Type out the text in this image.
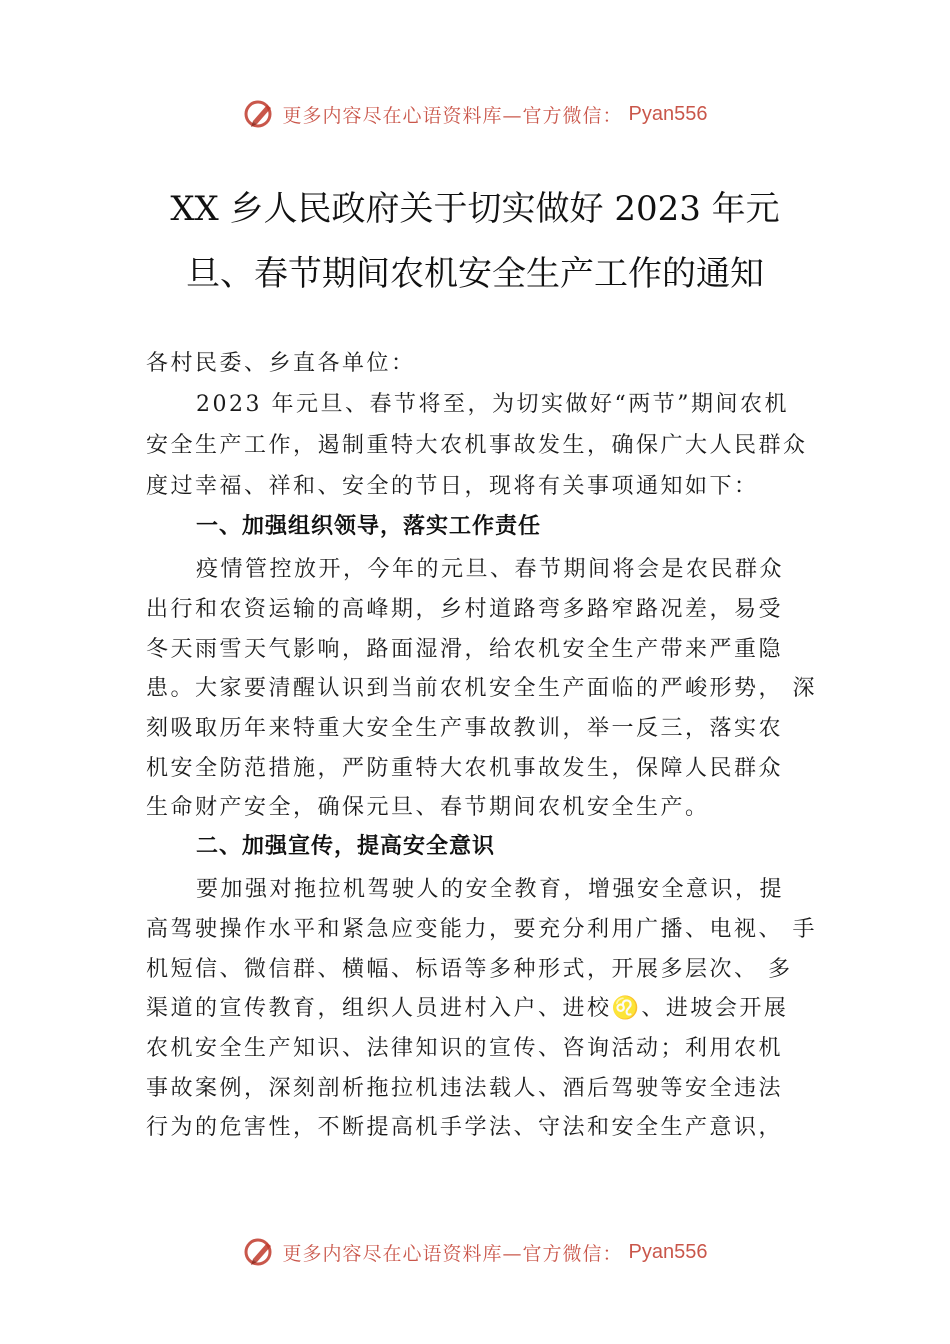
更多内容尽在心语资料库—官方微信： Pyan556
XX 乡人民政府关于切实做好 2023 年元
旦、春节期间农机安全生产工作的通知
各村民委、乡直各单位：
2023 年元旦、春节将至，为切实做好“两节”期间农机
安全生产工作，遏制重特大农机事故发生，确保广大人民群众
度过幸福、祥和、安全的节日，现将有关事项通知如下：
一、加强组织领导，落实工作责任
疫情管控放开，今年的元旦、春节期间将会是农民群众
出行和农资运输的高峰期，乡村道路弯多路窄路况差，易受
冬天雨雪天气影响，路面湿滑，给农机安全生产带来严重隐
患。大家要清醒认识到当前农机安全生产面临的严峻形势， 深
刻吸取历年来特重大安全生产事故教训，举一反三，落实农
机安全防范措施，严防重特大农机事故发生，保障人民群众
生命财产安全，确保元旦、春节期间农机安全生产。
二、加强宣传，提高安全意识
要加强对拖拉机驾驶人的安全教育，增强安全意识，提
高驾驶操作水平和紧急应变能力，要充分利用广播、电视、 手
机短信、微信群、横幅、标语等多种形式，开展多层次、 多
渠道的宣传教育，组织人员进村入户、进校♌、进坡会开展
农机安全生产知识、法律知识的宣传、咨询活动；利用农机
事故案例，深刻剖析拖拉机违法载人、酒后驾驶等安全违法
行为的危害性，不断提高机手学法、守法和安全生产意识，
更多内容尽在心语资料库—官方微信： Pyan556
